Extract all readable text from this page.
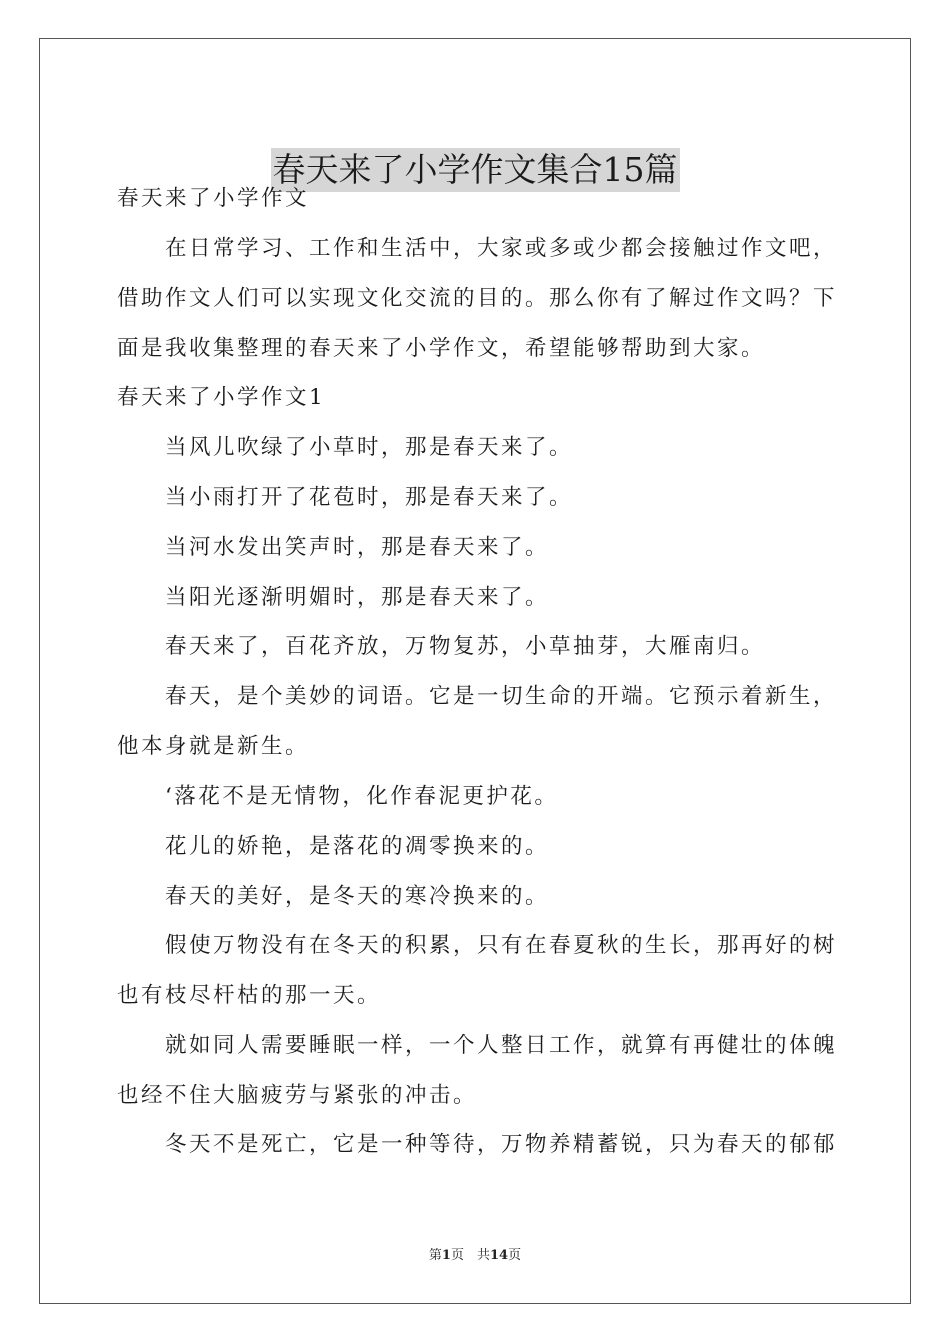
春天来了小学作文集合15篇
春天来了小学作文
在日常学习、工作和生活中，大家或多或少都会接触过作文吧，
借助作文人们可以实现文化交流的目的。那么你有了解过作文吗？下
面是我收集整理的春天来了小学作文，希望能够帮助到大家。
春天来了小学作文1
当风儿吹绿了小草时，那是春天来了。
当小雨打开了花苞时，那是春天来了。
当河水发出笑声时，那是春天来了。
当阳光逐渐明媚时，那是春天来了。
春天来了，百花齐放，万物复苏，小草抽芽，大雁南归。
春天，是个美妙的词语。它是一切生命的开端。它预示着新生，
他本身就是新生。
‘落花不是无情物，化作春泥更护花。
花儿的娇艳，是落花的凋零换来的。
春天的美好，是冬天的寒冷换来的。
假使万物没有在冬天的积累，只有在春夏秋的生长，那再好的树
也有枝尽杆枯的那一天。
就如同人需要睡眠一样，一个人整日工作，就算有再健壮的体魄
也经不住大脑疲劳与紧张的冲击。
冬天不是死亡，它是一种等待，万物养精蓄锐，只为春天的郁郁
第1页　共14页
